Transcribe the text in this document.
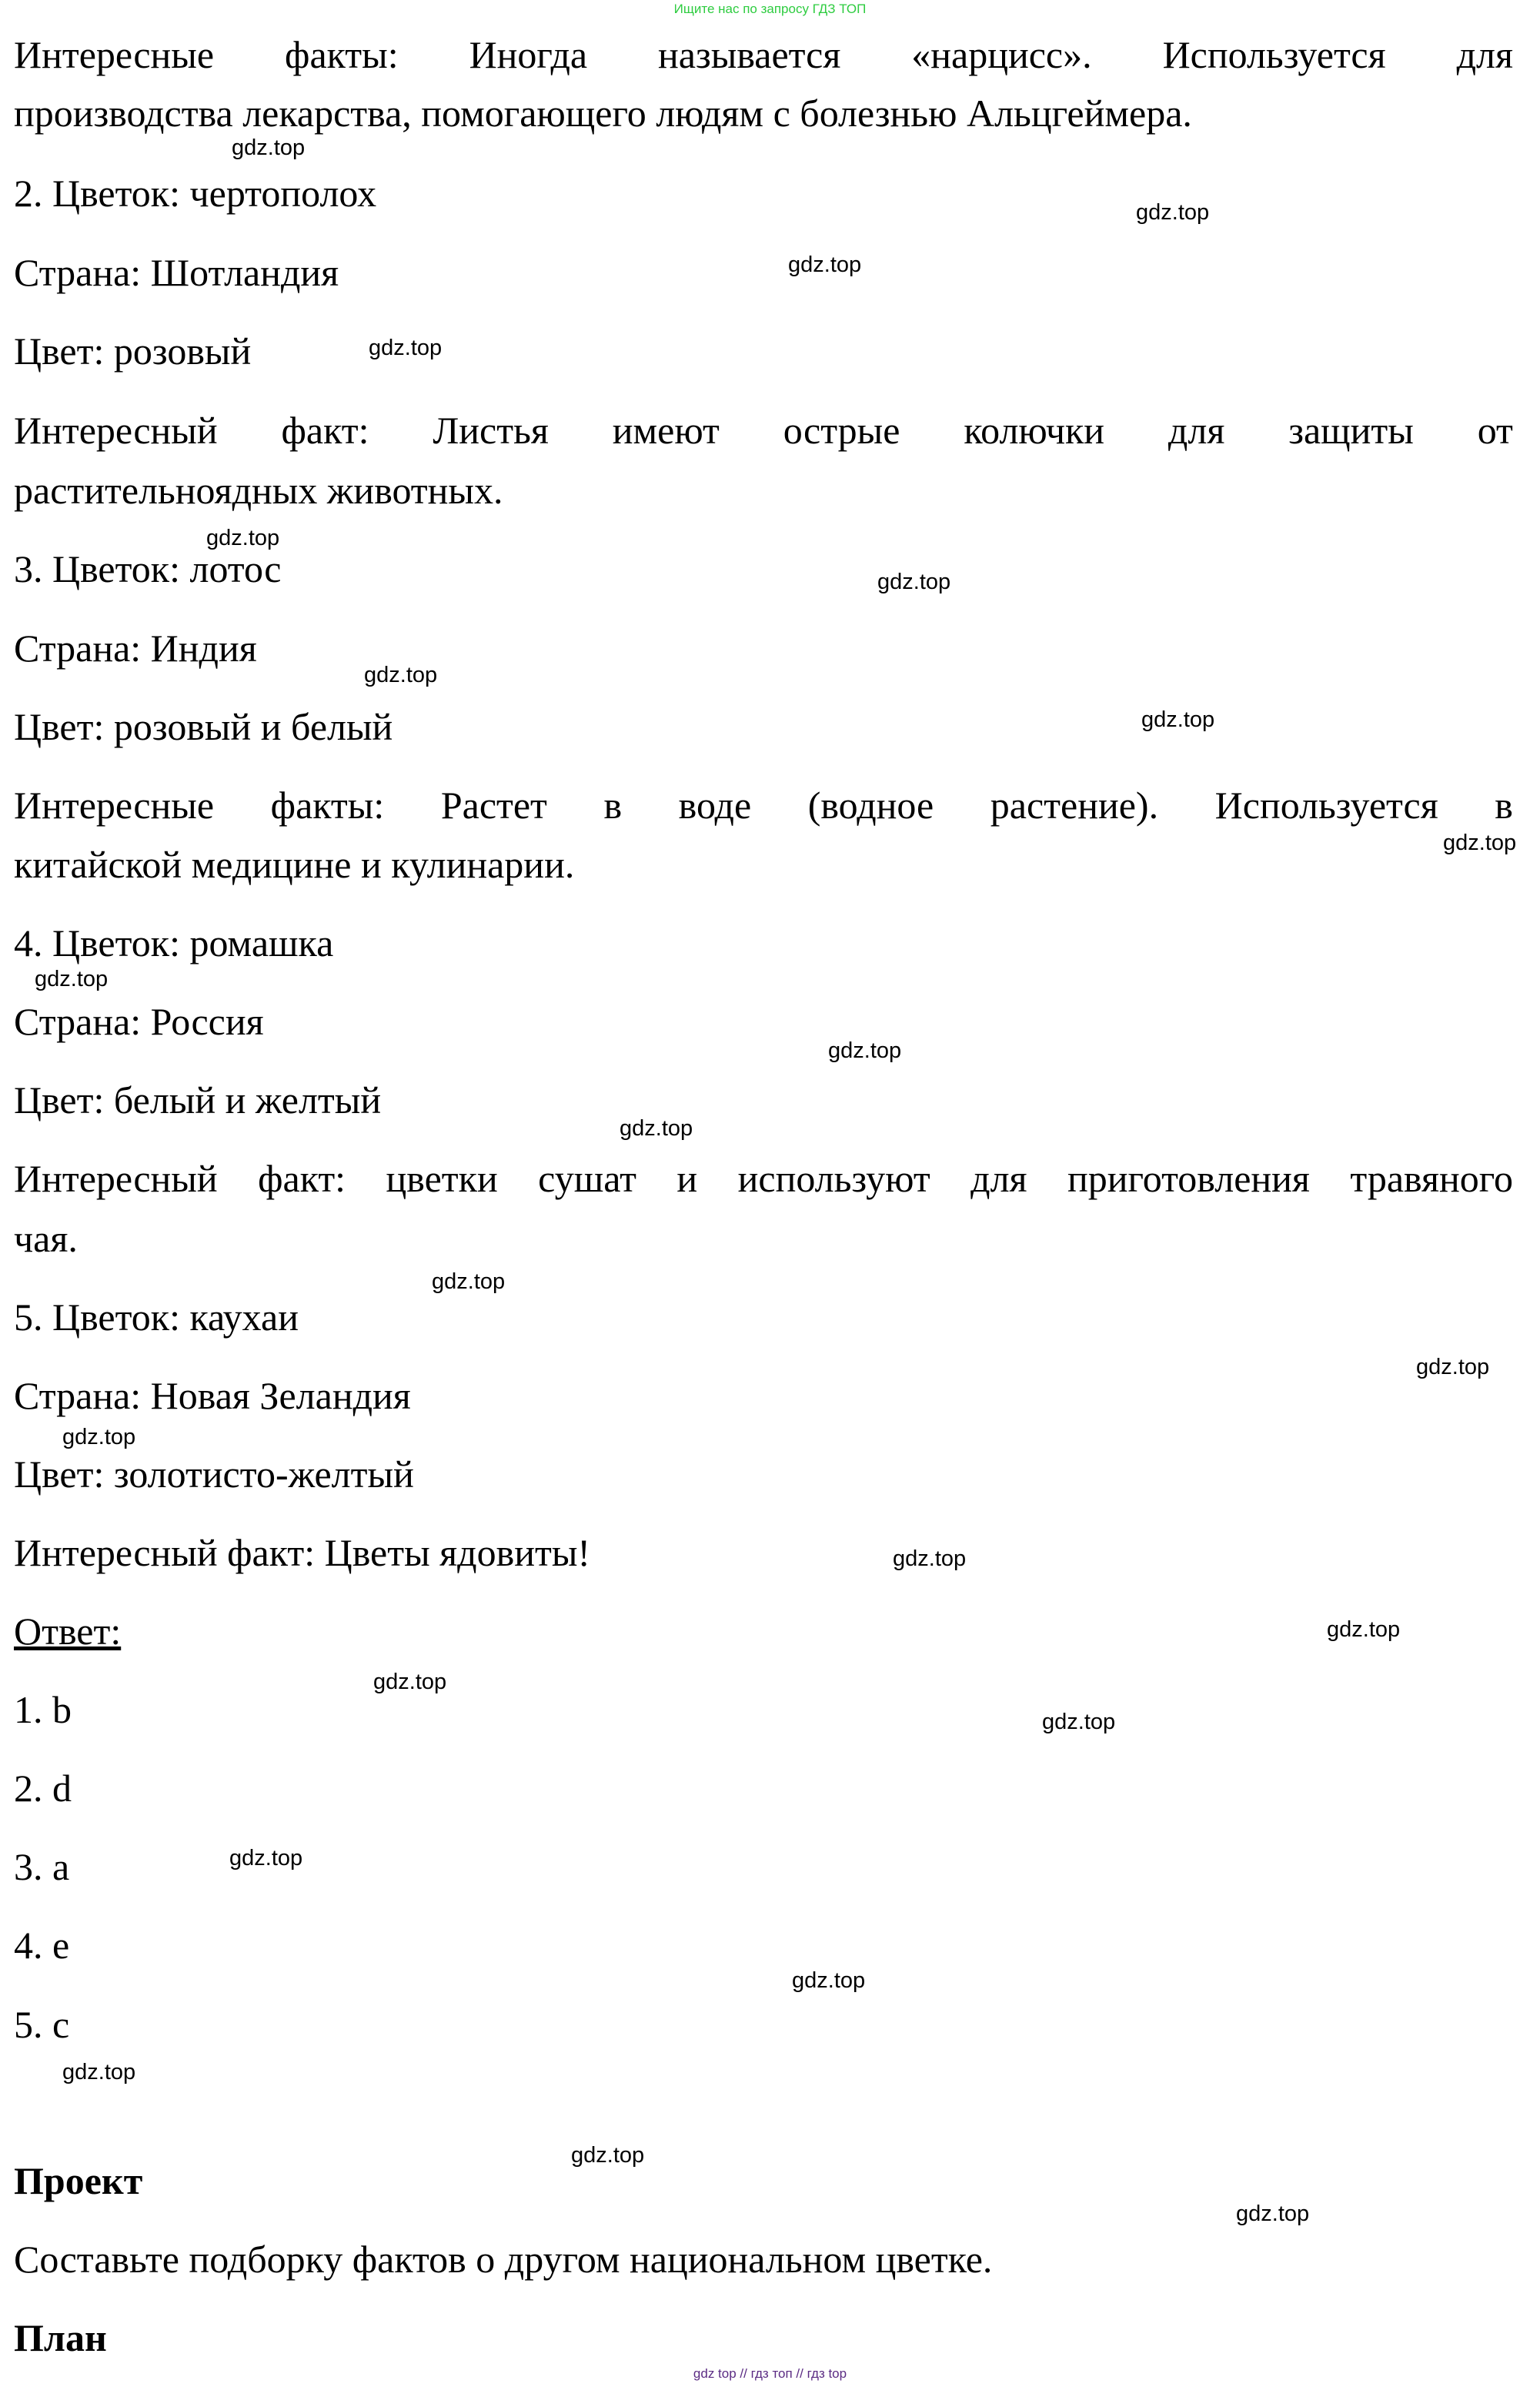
Ищите нас по запросу ГДЗ ТОП
Интересные факты: Иногда называется «нарцисс». Используется для
производства лекарства, помогающего людям с болезнью Альцгеймера.
2. Цветок: чертополох
Страна: Шотландия
Цвет: розовый
Интересный факт: Листья имеют острые колючки для защиты от
растительноядных животных.
3. Цветок: лотос
Страна: Индия
Цвет: розовый и белый
Интересные факты: Растет в воде (водное растение). Используется в
китайской медицине и кулинарии.
4. Цветок: ромашка
Страна: Россия
Цвет: белый и желтый
Интересный факт: цветки сушат и используют для приготовления травяного
чая.
5. Цветок: каухаи
Страна: Новая Зеландия
Цвет: золотисто-желтый
Интересный факт: Цветы ядовиты!
Ответ:
1. b
2. d
3. a
4. e
5. c
Проект
Составьте подборку фактов о другом национальном цветке.
План
gdz.top
gdz.top
gdz.top
gdz.top
gdz.top
gdz.top
gdz.top
gdz.top
gdz.top
gdz.top
gdz.top
gdz.top
gdz.top
gdz.top
gdz.top
gdz.top
gdz.top
gdz.top
gdz.top
gdz.top
gdz.top
gdz.top
gdz.top
gdz.top
gdz top // гдз топ // гдз top
